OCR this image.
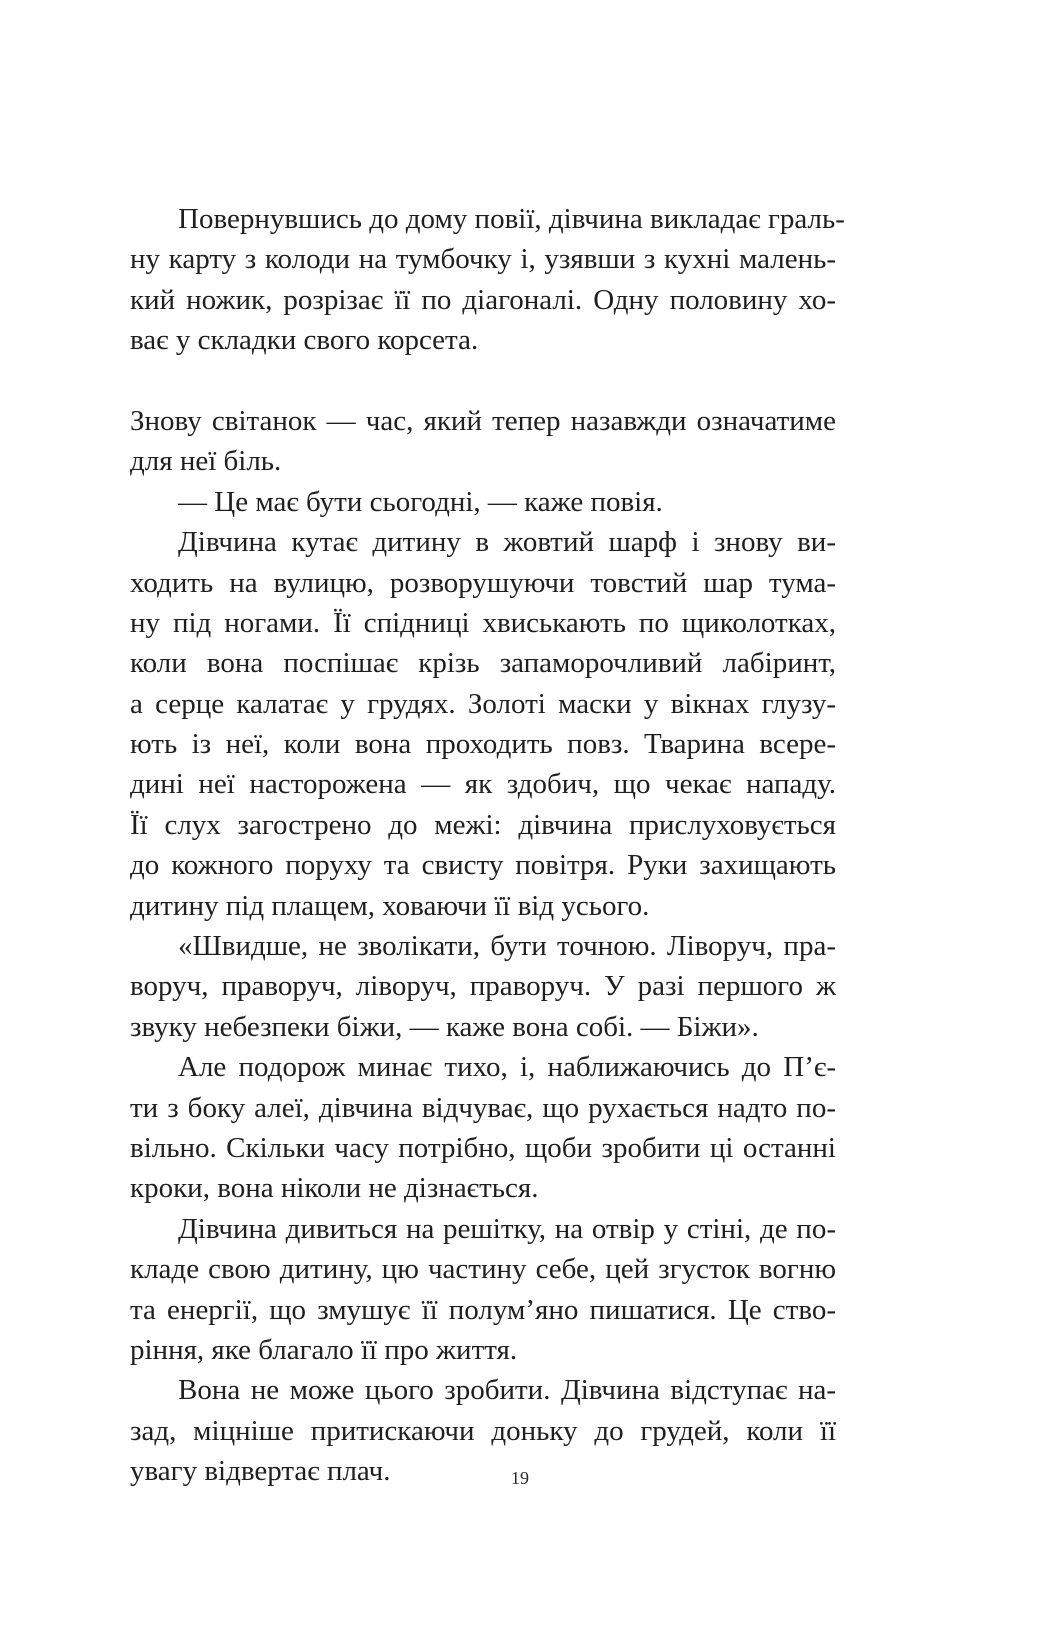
Повернувшись до дому повії, дівчина викладає граль-
ну карту з колоди на тумбочку і, узявши з кухні малень-
кий ножик, розрізає її по діагоналі. Одну половину хо-
ває у складки свого корсета.
Знову світанок — час, який тепер назавжди означатиме
для неї біль.
— Це має бути сьогодні, — каже повія.
Дівчина кутає дитину в жовтий шарф і знову ви-
ходить на вулицю, розворушуючи товстий шар тума-
ну під ногами. Її спідниці хвиськають по щиколотках,
коли вона поспішає крізь запаморочливий лабіринт,
а серце калатає у грудях. Золоті маски у вікнах глузу-
ють із неї, коли вона проходить повз. Тварина всере-
дині неї насторожена — як здобич, що чекає нападу.
Її слух загострено до межі: дівчина прислуховується
до кожного поруху та свисту повітря. Руки захищають
дитину під плащем, ховаючи її від усього.
«Швидше, не зволікати, бути точною. Ліворуч, пра-
воруч, праворуч, ліворуч, праворуч. У разі першого ж
звуку небезпеки біжи, — каже вона собі. — Біжи».
Але подорож минає тихо, і, наближаючись до П’є-
ти з боку алеї, дівчина відчуває, що рухається надто по-
вільно. Скільки часу потрібно, щоби зробити ці останні
кроки, вона ніколи не дізнається.
Дівчина дивиться на решітку, на отвір у стіні, де по-
кладе свою дитину, цю частину себе, цей згусток вогню
та енергії, що змушує її полум’яно пишатися. Це ство-
ріння, яке благало її про життя.
Вона не може цього зробити. Дівчина відступає на-
зад, міцніше притискаючи доньку до грудей, коли її
увагу відвертає плач.	19
